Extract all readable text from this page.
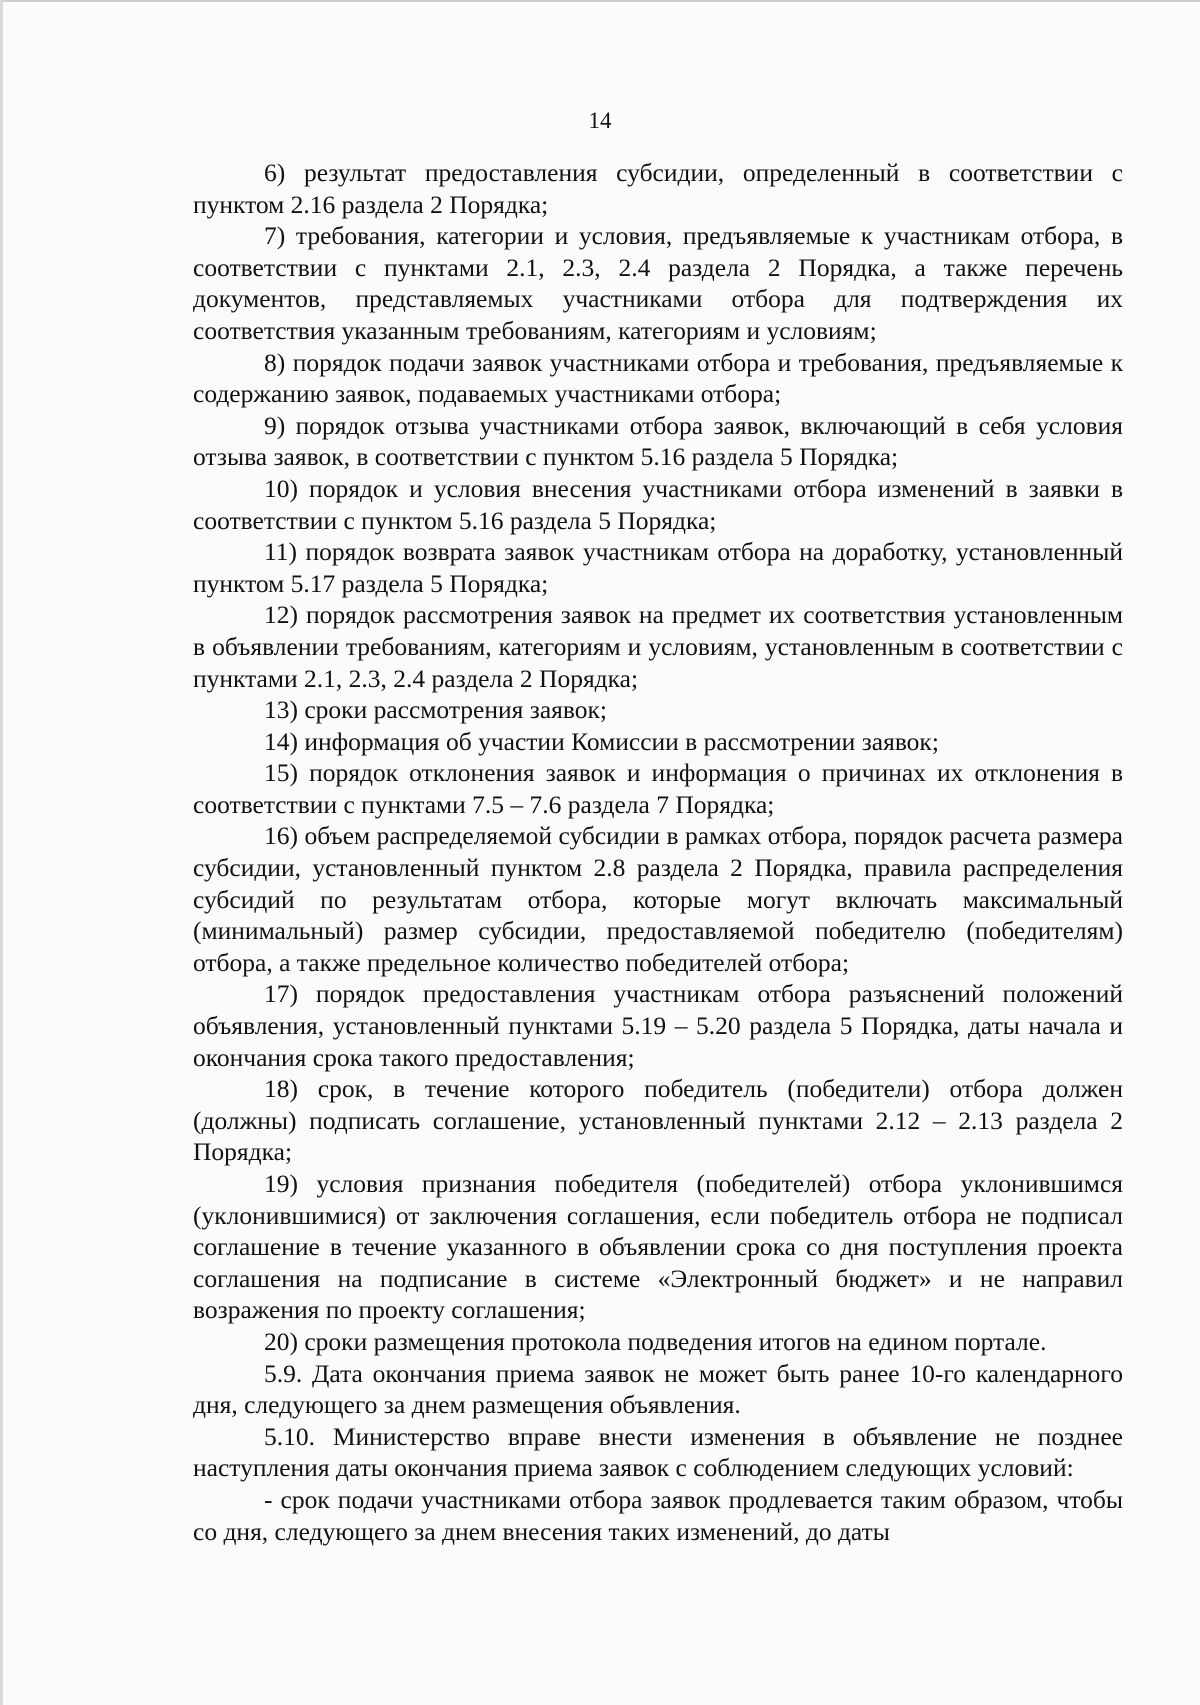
14

6) результат предоставления субсидии, определенный в соответствии с пунктом 2.16 раздела 2 Порядка;

7) требования, категории и условия, предъявляемые к участникам отбора, в соответствии с пунктами 2.1, 2.3, 2.4 раздела 2 Порядка, а также перечень документов, представляемых участниками отбора для подтверждения их соответствия указанным требованиям, категориям и условиям;

8) порядок подачи заявок участниками отбора и требования, предъявляемые к содержанию заявок, подаваемых участниками отбора;

9) порядок отзыва участниками отбора заявок, включающий в себя условия отзыва заявок, в соответствии с пунктом 5.16 раздела 5 Порядка;

10) порядок и условия внесения участниками отбора изменений в заявки в соответствии с пунктом 5.16 раздела 5 Порядка;

11) порядок возврата заявок участникам отбора на доработку, установленный пунктом 5.17 раздела 5 Порядка;

12) порядок рассмотрения заявок на предмет их соответствия установленным в объявлении требованиям, категориям и условиям, установленным в соответствии с пунктами 2.1, 2.3, 2.4 раздела 2 Порядка;

13) сроки рассмотрения заявок;

14) информация об участии Комиссии в рассмотрении заявок;

15) порядок отклонения заявок и информация о причинах их отклонения в соответствии с пунктами 7.5 – 7.6 раздела 7 Порядка;

16) объем распределяемой субсидии в рамках отбора, порядок расчета размера субсидии, установленный пунктом 2.8 раздела 2 Порядка, правила распределения субсидий по результатам отбора, которые могут включать максимальный (минимальный) размер субсидии, предоставляемой победителю (победителям) отбора, а также предельное количество победителей отбора;

17) порядок предоставления участникам отбора разъяснений положений объявления, установленный пунктами 5.19 – 5.20 раздела 5 Порядка, даты начала и окончания срока такого предоставления;

18) срок, в течение которого победитель (победители) отбора должен (должны) подписать соглашение, установленный пунктами 2.12 – 2.13 раздела 2 Порядка;

19) условия признания победителя (победителей) отбора уклонившимся (уклонившимися) от заключения соглашения, если победитель отбора не подписал соглашение в течение указанного в объявлении срока со дня поступления проекта соглашения на подписание в системе «Электронный бюджет» и не направил возражения по проекту соглашения;

20) сроки размещения протокола подведения итогов на едином портале.

5.9. Дата окончания приема заявок не может быть ранее 10-го календарного дня, следующего за днем размещения объявления.

5.10. Министерство вправе внести изменения в объявление не позднее наступления даты окончания приема заявок с соблюдением следующих условий:

- срок подачи участниками отбора заявок продлевается таким образом, чтобы со дня, следующего за днем внесения таких изменений, до даты
